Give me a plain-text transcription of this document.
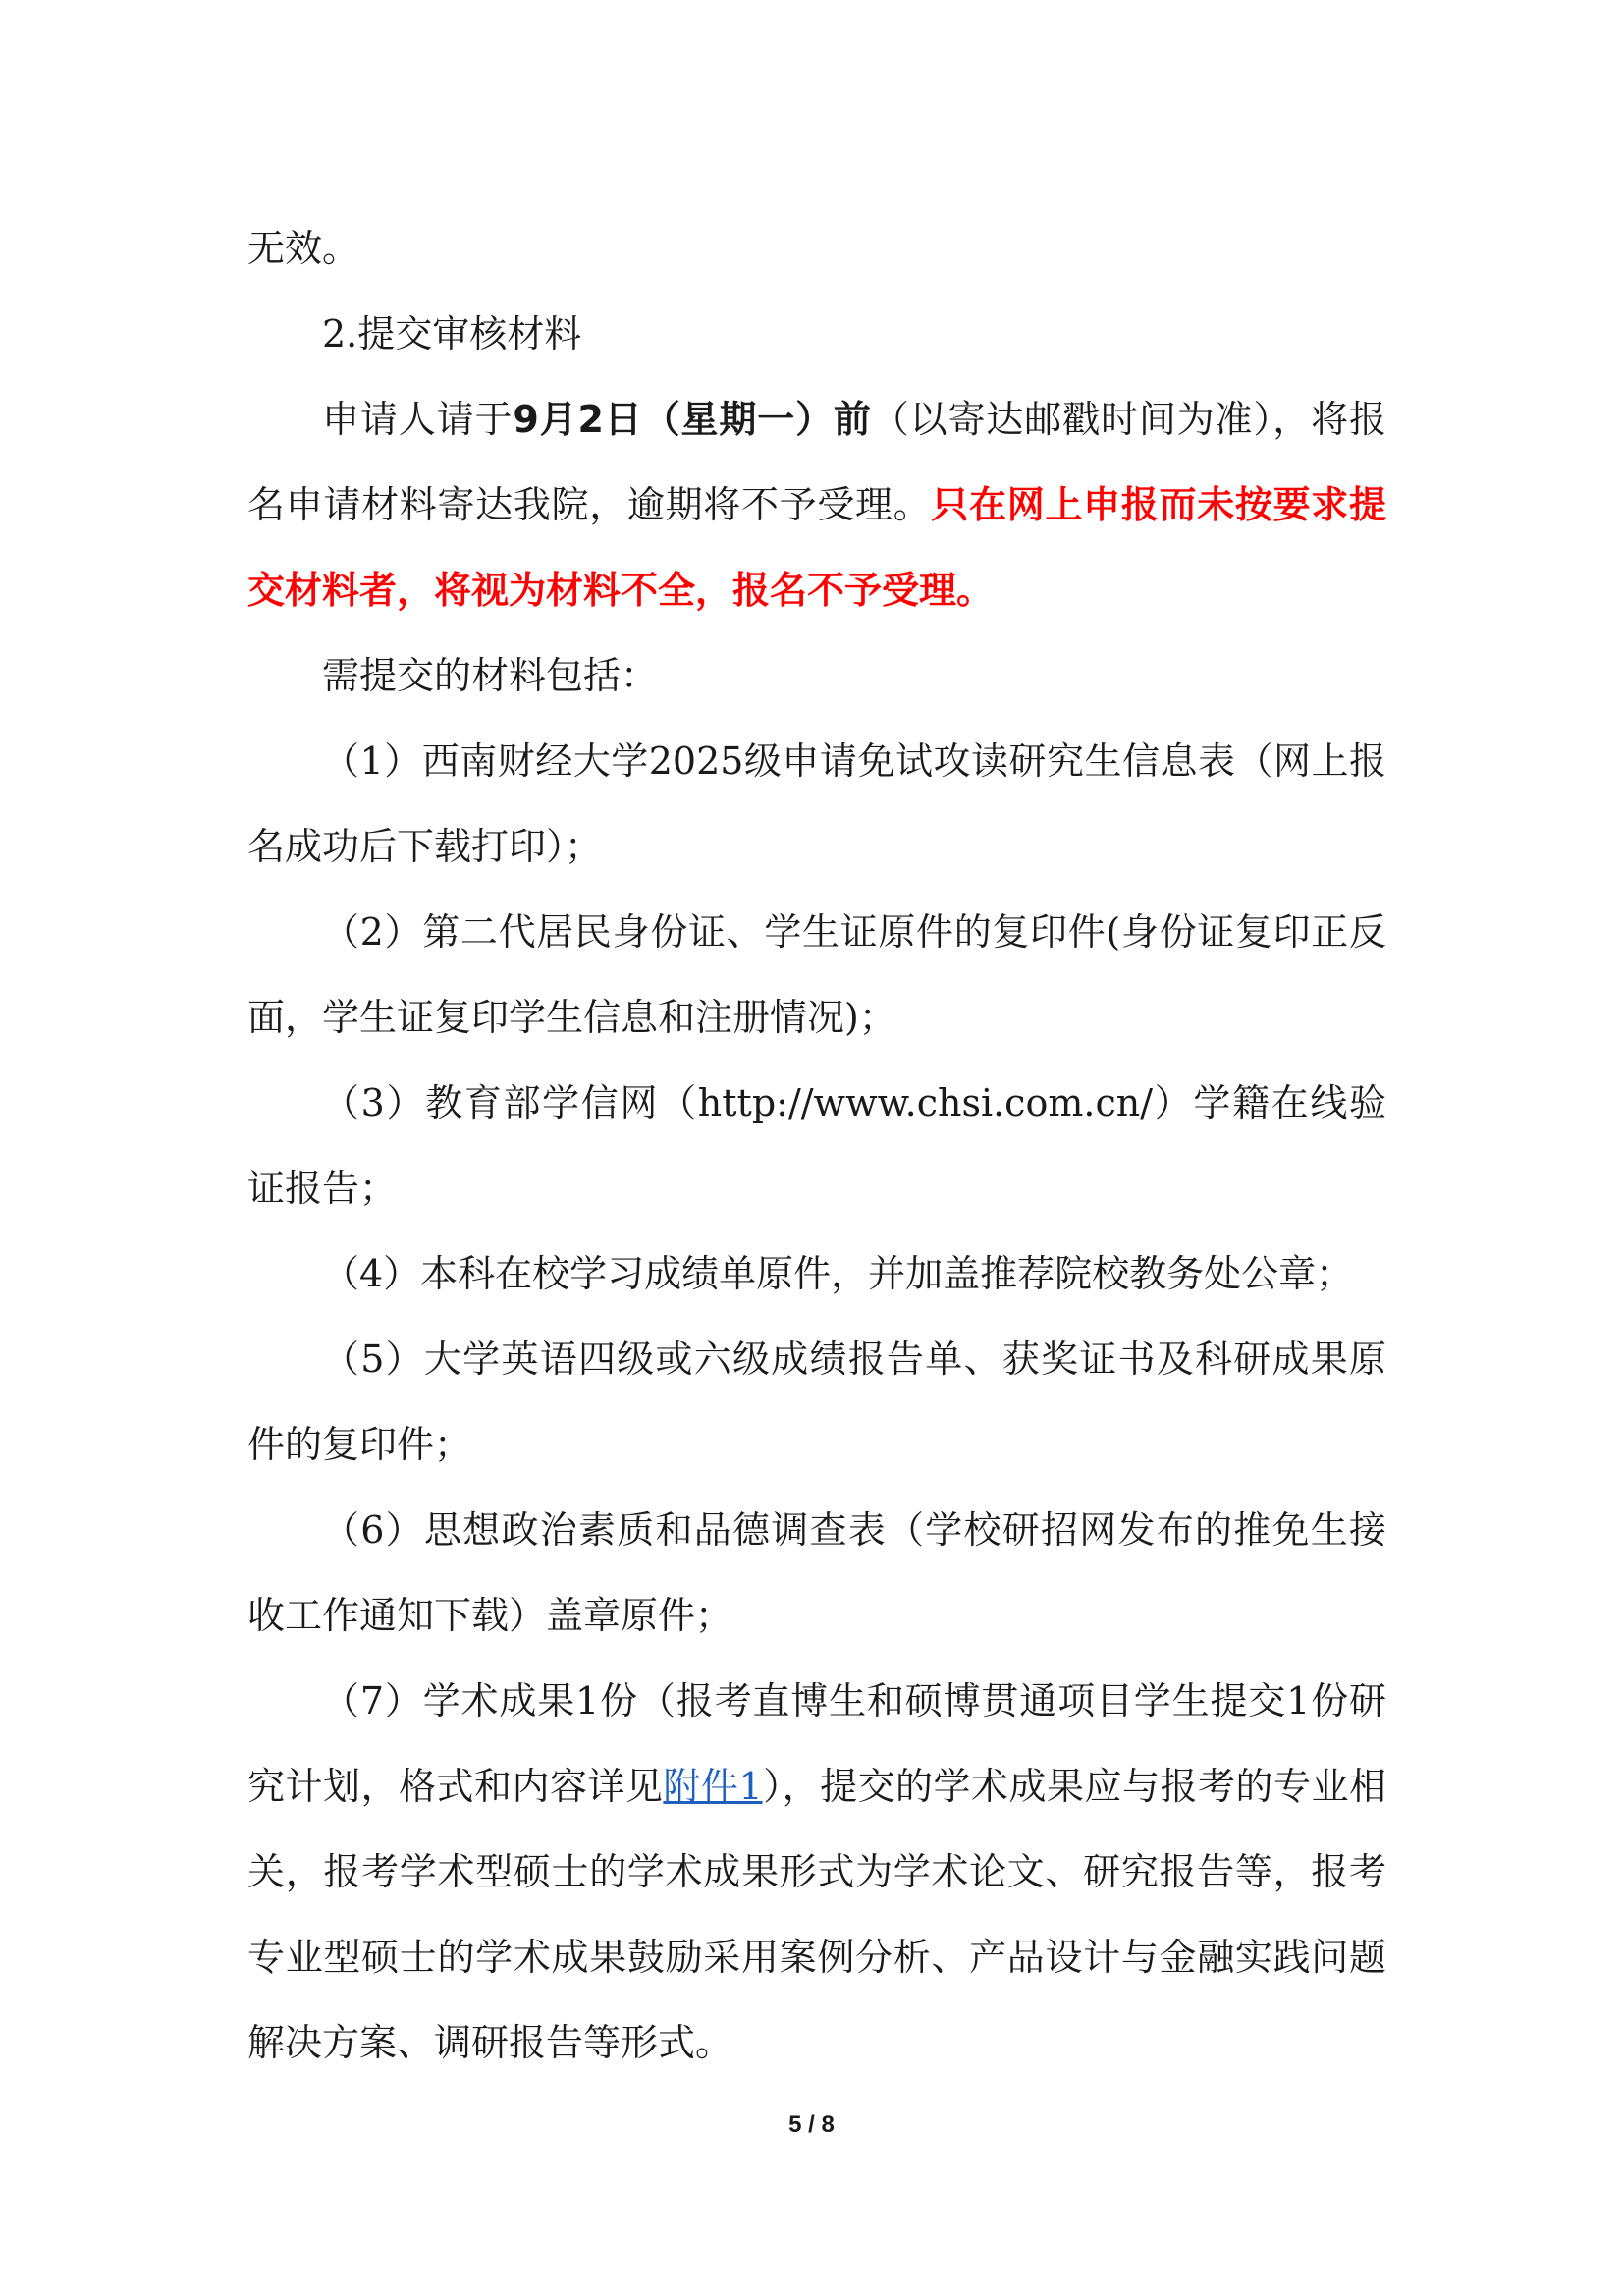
无效。

2.提交审核材料

申请人请于9月2日（星期一）前（以寄达邮戳时间为准），将报名申请材料寄达我院，逾期将不予受理。只在网上申报而未按要求提交材料者，将视为材料不全，报名不予受理。

需提交的材料包括：

（1）西南财经大学2025级申请免试攻读研究生信息表（网上报名成功后下载打印）；

（2）第二代居民身份证、学生证原件的复印件(身份证复印正反面，学生证复印学生信息和注册情况)；

（3）教育部学信网（http://www.chsi.com.cn/）学籍在线验证报告；

（4）本科在校学习成绩单原件，并加盖推荐院校教务处公章；

（5）大学英语四级或六级成绩报告单、获奖证书及科研成果原件的复印件；

（6）思想政治素质和品德调查表（学校研招网发布的推免生接收工作通知下载）盖章原件；

（7）学术成果1份（报考直博生和硕博贯通项目学生提交1份研究计划，格式和内容详见附件1），提交的学术成果应与报考的专业相关，报考学术型硕士的学术成果形式为学术论文、研究报告等，报考专业型硕士的学术成果鼓励采用案例分析、产品设计与金融实践问题解决方案、调研报告等形式。

5 / 8
